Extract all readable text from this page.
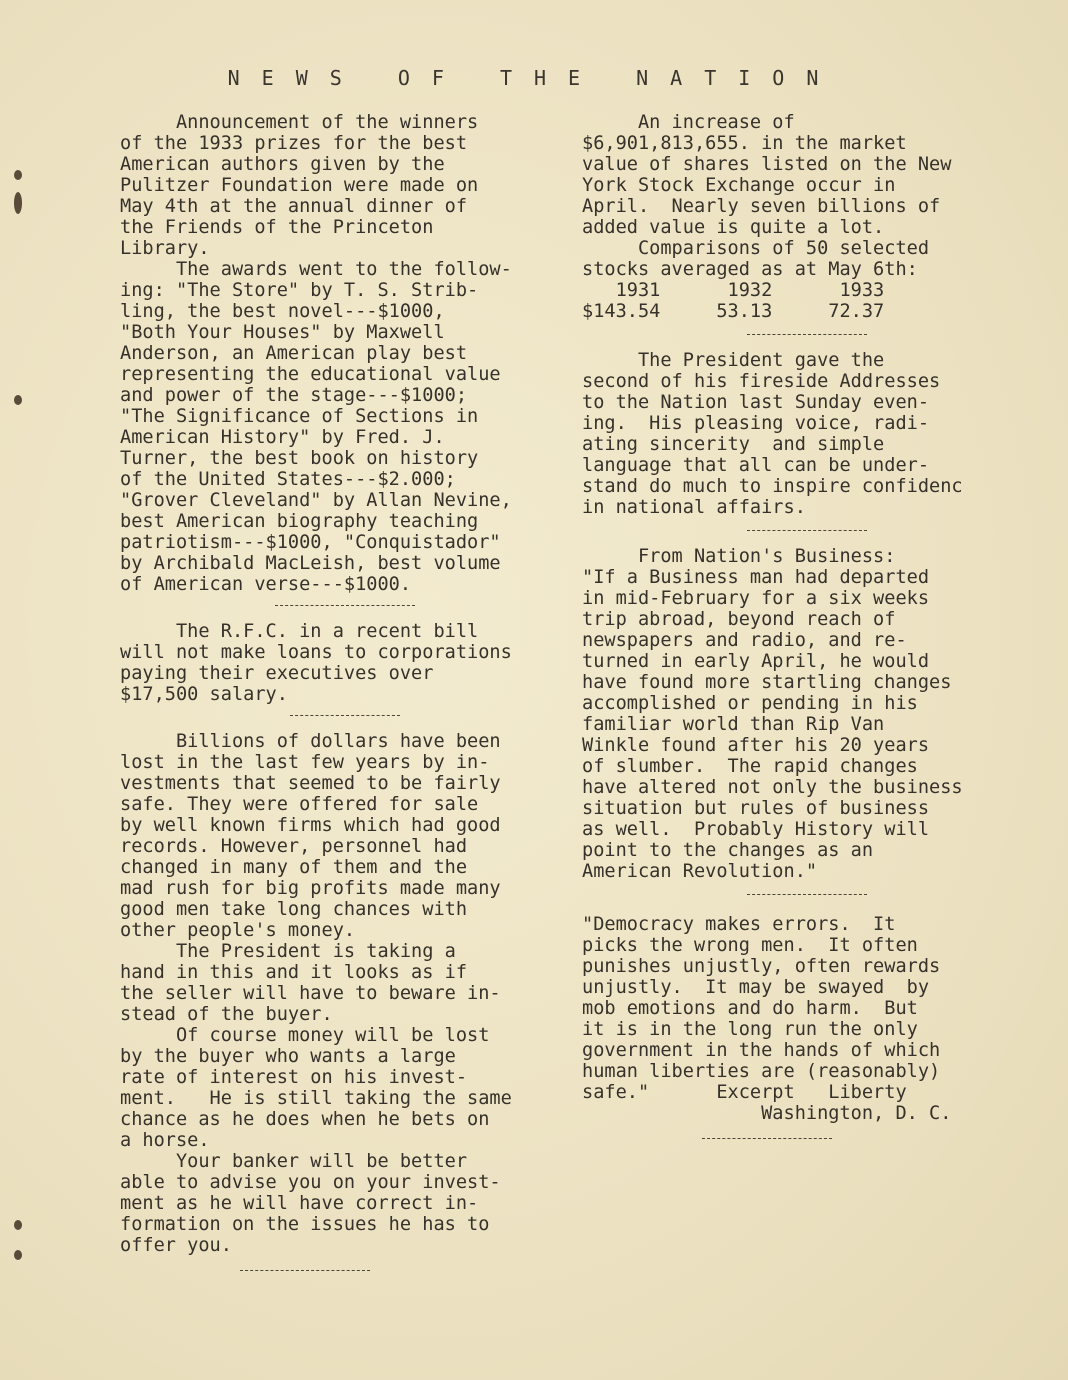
NEWS OF THE NATION
Announcement of the winners
of the 1933 prizes for the best
American authors given by the
Pulitzer Foundation were made on
May 4th at the annual dinner of
the Friends of the Princeton
Library.
The awards went to the follow-
ing: "The Store" by T. S. Strib-
ling, the best novel---$1000,
"Both Your Houses" by Maxwell
Anderson, an American play best
representing the educational value
and power of the stage---$1000;
"The Significance of Sections in
American History" by Fred. J.
Turner, the best book on history
of the United States---$2.000;
"Grover Cleveland" by Allan Nevine,
best American biography teaching
patriotism---$1000, "Conquistador"
by Archibald MacLeish, best volume
of American verse---$1000.
The R.F.C. in a recent bill
will not make loans to corporations
paying their executives over
$17,500 salary.
Billions of dollars have been
lost in the last few years by in-
vestments that seemed to be fairly
safe. They were offered for sale
by well known firms which had good
records. However, personnel had
changed in many of them and the
mad rush for big profits made many
good men take long chances with
other people's money.
The President is taking a
hand in this and it looks as if
the seller will have to beware in-
stead of the buyer.
Of course money will be lost
by the buyer who wants a large
rate of interest on his invest-
ment.   He is still taking the same
chance as he does when he bets on
a horse.
Your banker will be better
able to advise you on your invest-
ment as he will have correct in-
formation on the issues he has to
offer you.
An increase of
$6,901,813,655. in the market
value of shares listed on the New
York Stock Exchange occur in
April.  Nearly seven billions of
added value is quite a lot.
Comparisons of 50 selected
stocks averaged as at May 6th:
1931      1932      1933
$143.54     53.13     72.37
The President gave the
second of his fireside Addresses
to the Nation last Sunday even-
ing.  His pleasing voice, radi-
ating sincerity  and simple
language that all can be under-
stand do much to inspire confidenc
in national affairs.
From Nation's Business:
"If a Business man had departed
in mid-February for a six weeks
trip abroad, beyond reach of
newspapers and radio, and re-
turned in early April, he would
have found more startling changes
accomplished or pending in his
familiar world than Rip Van
Winkle found after his 20 years
of slumber.  The rapid changes
have altered not only the business
situation but rules of business
as well.  Probably History will
point to the changes as an
American Revolution."
"Democracy makes errors.  It
picks the wrong men.  It often
punishes unjustly, often rewards
unjustly.  It may be swayed  by
mob emotions and do harm.  But
it is in the long run the only
government in the hands of which
human liberties are (reasonably)
safe."      Excerpt   Liberty
Washington, D. C.
